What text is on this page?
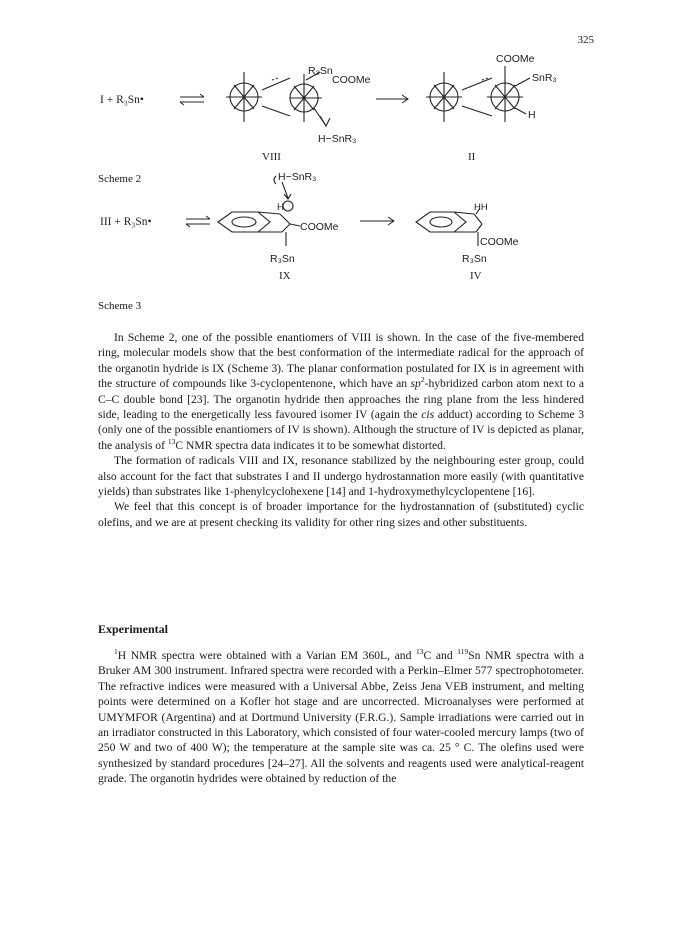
325
I + R₃Sn•
R₃Sn
COOMe
H−SnR₃
VIII
COOMe
SnR₃
H
II
III + R₃Sn•
H−SnR₃
H
COOMe
R₃Sn
IX
HH
COOMe
R₃Sn
IV
Scheme 2
Scheme 3

In Scheme 2, one of the possible enantiomers of VIII is shown. In the case of the five-membered ring, molecular models show that the best conformation of the intermediate radical for the approach of the organotin hydride is IX (Scheme 3). The planar conformation postulated for IX is in agreement with the structure of compounds like 3-cyclopentenone, which have an $sp^2$-hybridized carbon atom next to a C–C double bond [23]. The organotin hydride then approaches the ring plane from the less hindered side, leading to the energetically less favoured isomer IV (again the cis adduct) according to Scheme 3 (only one of the possible enantiomers of IV is shown). Although the structure of IV is depicted as planar, the analysis of $^{13}$C NMR spectra data indicates it to be somewhat distorted.

The formation of radicals VIII and IX, resonance stabilized by the neighbouring ester group, could also account for the fact that substrates I and II undergo hydrostannation more easily (with quantitative yields) than substrates like 1-phenylcyclohexene [14] and 1-hydroxymethylcyclopentene [16].

We feel that this concept is of broader importance for the hydrostannation of (substituted) cyclic olefins, and we are at present checking its validity for other ring sizes and other substituents.

Experimental

$^1$H NMR spectra were obtained with a Varian EM 360L, and $^{13}$C and $^{119}$Sn NMR spectra with a Bruker AM 300 instrument. Infrared spectra were recorded with a Perkin–Elmer 577 spectrophotometer. The refractive indices were measured with a Universal Abbe, Zeiss Jena VEB instrument, and melting points were determined on a Kofler hot stage and are uncorrected. Microanalyses were performed at UMYMFOR (Argentina) and at Dortmund University (F.R.G.). Sample irradiations were carried out in an irradiator constructed in this Laboratory, which consisted of four water-cooled mercury lamps (two of 250 W and two of 400 W); the temperature at the sample site was ca. 25 ° C. The olefins used were synthesized by standard procedures [24–27]. All the solvents and reagents used were analytical-reagent grade. The organotin hydrides were obtained by reduction of the
